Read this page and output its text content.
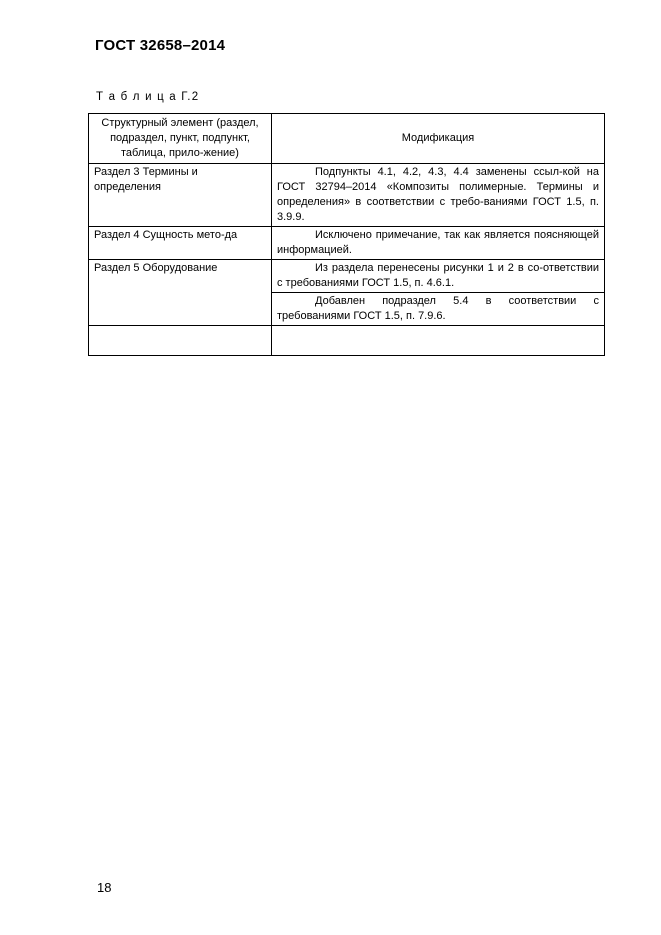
ГОСТ 32658–2014
Т а б л и ц а Г.2
Структурный элемент (раздел, подраздел, пункт, подпункт, таблица, прило-жение)	Модификация
Раздел 3 Термины и определения	Подпункты 4.1, 4.2, 4.3, 4.4 заменены ссыл-кой на ГОСТ 32794–2014 «Композиты полимерные. Термины и определения» в соответствии с требо-ваниями ГОСТ 1.5, п. 3.9.9.
Раздел 4 Сущность мето-да	Исключено примечание, так как является поясняющей информацией.
Раздел 5 Оборудование	Из раздела перенесены рисунки 1 и 2 в со-ответствии с требованиями ГОСТ 1.5, п. 4.6.1.
	Добавлен подраздел 5.4 в соответствии с требованиями ГОСТ 1.5, п. 7.9.6.

18
